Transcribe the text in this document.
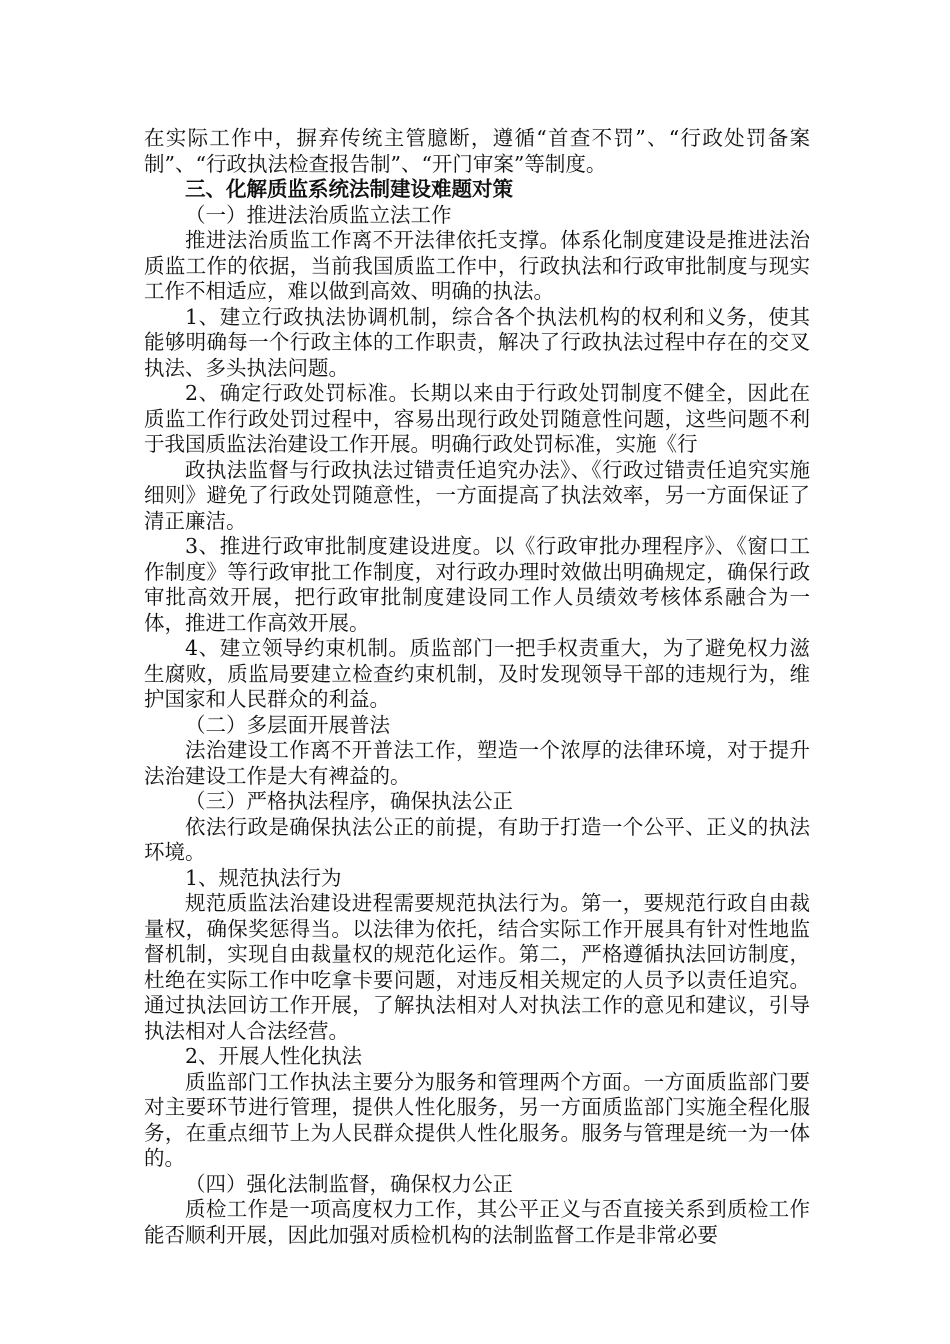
在实际工作中，摒弃传统主管臆断，遵循“首查不罚”、“行政处罚备案制”、“行政执法检查报告制”、“开门审案”等制度。

三、化解质监系统法制建设难题对策

（一）推进法治质监立法工作

推进法治质监工作离不开法律依托支撑。体系化制度建设是推进法治质监工作的依据，当前我国质监工作中，行政执法和行政审批制度与现实工作不相适应，难以做到高效、明确的执法。

1、建立行政执法协调机制，综合各个执法机构的权利和义务，使其能够明确每一个行政主体的工作职责，解决了行政执法过程中存在的交叉执法、多头执法问题。

2、确定行政处罚标准。长期以来由于行政处罚制度不健全，因此在质监工作行政处罚过程中，容易出现行政处罚随意性问题，这些问题不利于我国质监法治建设工作开展。明确行政处罚标准，实施《行

政执法监督与行政执法过错责任追究办法》、《行政过错责任追究实施细则》避免了行政处罚随意性，一方面提高了执法效率，另一方面保证了清正廉洁。

3、推进行政审批制度建设进度。以《行政审批办理程序》、《窗口工作制度》等行政审批工作制度，对行政办理时效做出明确规定，确保行政审批高效开展，把行政审批制度建设同工作人员绩效考核体系融合为一体，推进工作高效开展。

4、建立领导约束机制。质监部门一把手权责重大，为了避免权力滋生腐败，质监局要建立检查约束机制，及时发现领导干部的违规行为，维护国家和人民群众的利益。

（二）多层面开展普法

法治建设工作离不开普法工作，塑造一个浓厚的法律环境，对于提升法治建设工作是大有裨益的。

（三）严格执法程序，确保执法公正

依法行政是确保执法公正的前提，有助于打造一个公平、正义的执法环境。

1、规范执法行为

规范质监法治建设进程需要规范执法行为。第一，要规范行政自由裁量权，确保奖惩得当。以法律为依托，结合实际工作开展具有针对性地监督机制，实现自由裁量权的规范化运作。第二，严格遵循执法回访制度，杜绝在实际工作中吃拿卡要问题，对违反相关规定的人员予以责任追究。通过执法回访工作开展，了解执法相对人对执法工作的意见和建议，引导执法相对人合法经营。

2、开展人性化执法

质监部门工作执法主要分为服务和管理两个方面。一方面质监部门要对主要环节进行管理，提供人性化服务，另一方面质监部门实施全程化服务，在重点细节上为人民群众提供人性化服务。服务与管理是统一为一体的。

（四）强化法制监督，确保权力公正

质检工作是一项高度权力工作，其公平正义与否直接关系到质检工作能否顺利开展，因此加强对质检机构的法制监督工作是非常必要
